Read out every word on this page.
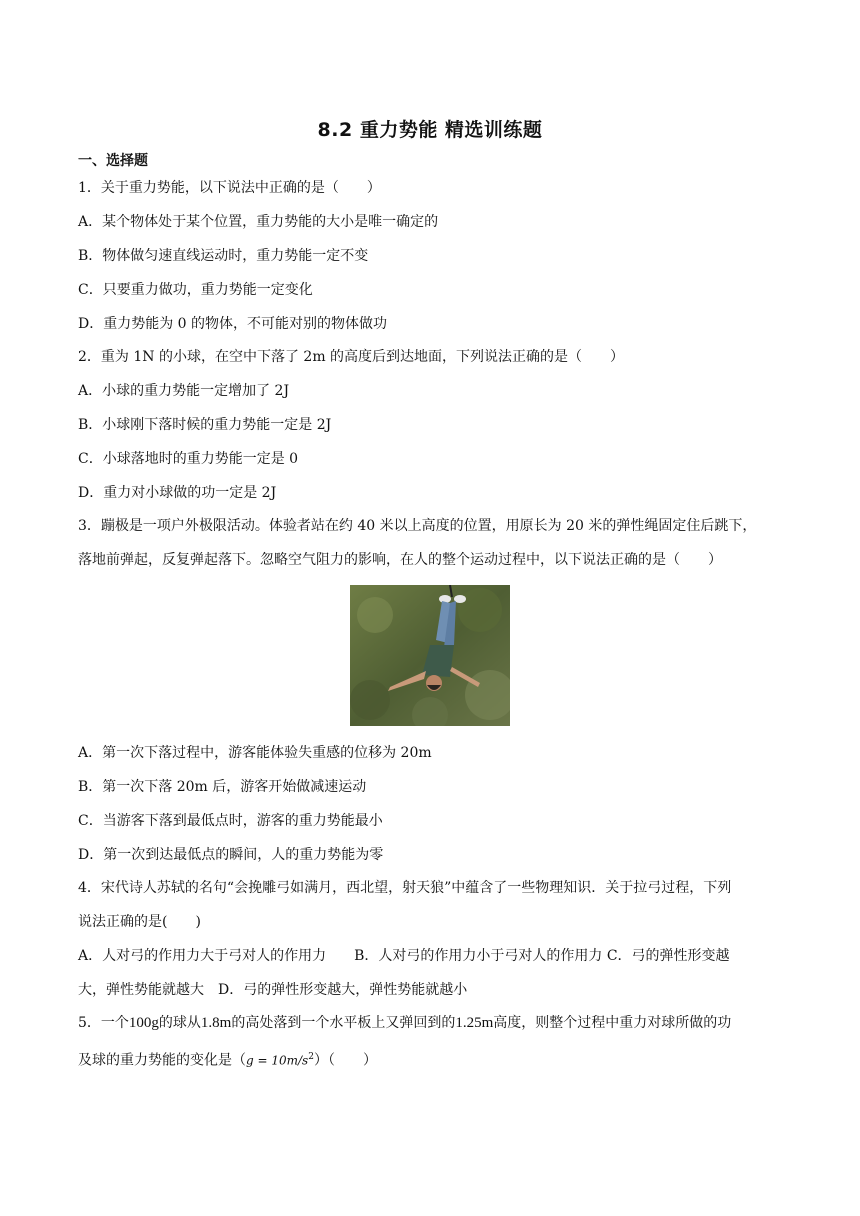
8.2 重力势能 精选训练题
一、选择题
1．关于重力势能，以下说法中正确的是（　　）
A．某个物体处于某个位置，重力势能的大小是唯一确定的
B．物体做匀速直线运动时，重力势能一定不变
C．只要重力做功，重力势能一定变化
D．重力势能为 0 的物体，不可能对别的物体做功
2．重为 1N 的小球，在空中下落了 2m 的高度后到达地面，下列说法正确的是（　　）
A．小球的重力势能一定增加了 2J
B．小球刚下落时候的重力势能一定是 2J
C．小球落地时的重力势能一定是 0
D．重力对小球做的功一定是 2J
3．蹦极是一项户外极限活动。体验者站在约 40 米以上高度的位置，用原长为 20 米的弹性绳固定住后跳下，
落地前弹起，反复弹起落下。忽略空气阻力的影响，在人的整个运动过程中，以下说法正确的是（　　）
A．第一次下落过程中，游客能体验失重感的位移为 20m
B．第一次下落 20m 后，游客开始做减速运动
C．当游客下落到最低点时，游客的重力势能最小
D．第一次到达最低点的瞬间，人的重力势能为零
4．宋代诗人苏轼的名句“会挽雕弓如满月，西北望，射天狼”中蕴含了一些物理知识．关于拉弓过程，下列
说法正确的是(　　)
A．人对弓的作用力大于弓对人的作用力　　B．人对弓的作用力小于弓对人的作用力 C．弓的弹性形变越
大，弹性势能就越大　D．弓的弹性形变越大，弹性势能就越小
5．一个100g的球从1.8m的高处落到一个水平板上又弹回到的1.25m高度，则整个过程中重力对球所做的功
及球的重力势能的变化是$(g = 10m/s^2)$（　　）
